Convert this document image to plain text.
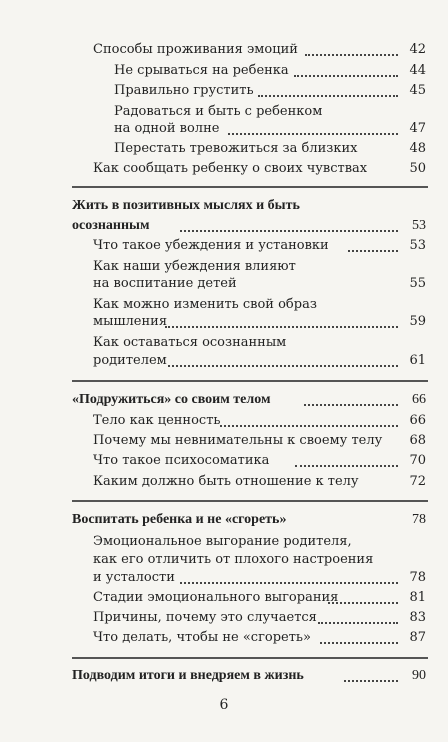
Способы проживания эмоций	42
Не срываться на ребенка	44
Правильно грустить	45
Радоваться и быть с ребенком
на одной волне	47
Перестать тревожиться за близких	48
Как сообщать ребенку о своих чувствах	50
Жить в позитивных мыслях и быть
осознанным	53
Что такое убеждения и установки	53
Как наши убеждения влияют
на воспитание детей	55
Как можно изменить свой образ
мышления	59
Как оставаться осознанным
родителем	61
«Подружиться» со своим телом	66
Тело как ценность	66
Почему мы невнимательны к своему телу 68
Что такое психосоматика	70
Каким должно быть отношение к телу	72
Воспитать ребенка и не «сгореть»	78
Эмоциональное выгорание родителя,
как его отличить от плохого настроения
и усталости	78
Стадии эмоционального выгорания	81
Причины, почему это случается	83
Что делать, чтобы не «сгореть»	87
Подводим итоги и внедряем в жизнь	90
6
